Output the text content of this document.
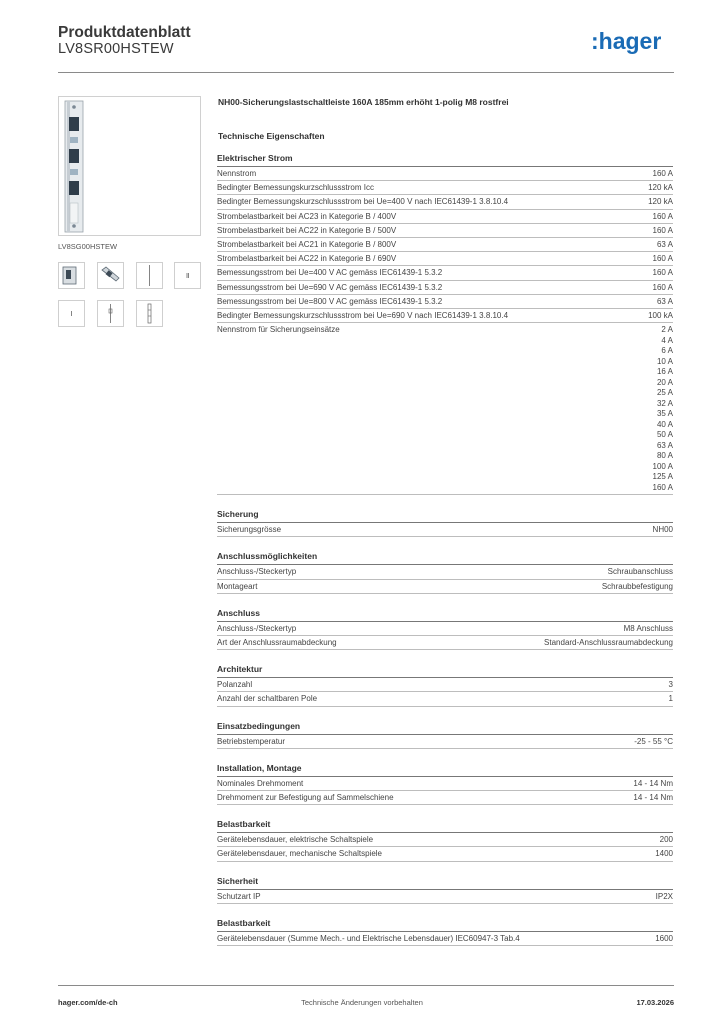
Produktdatenblatt
LV8SR00HSTEW	:hager
LV8SG00HSTEW
NH00-Sicherungslastschaltleiste 160A 185mm erhöht 1-polig M8 rostfrei
Technische Eigenschaften
Elektrischer Strom
Nennstrom	160 A
Bedingter Bemessungskurzschlussstrom Icc	120 kA
Bedingter Bemessungskurzschlussstrom bei Ue=400 V nach IEC61439-1 3.8.10.4	120 kA
Strombelastbarkeit bei AC23 in Kategorie B / 400V	160 A
Strombelastbarkeit bei AC22 in Kategorie B / 500V	160 A
Strombelastbarkeit bei AC21 in Kategorie B / 800V	63 A
Strombelastbarkeit bei AC22 in Kategorie B / 690V	160 A
Bemessungsstrom bei Ue=400 V AC gemäss IEC61439-1 5.3.2	160 A
Bemessungsstrom bei Ue=690 V AC gemäss IEC61439-1 5.3.2	160 A
Bemessungsstrom bei Ue=800 V AC gemäss IEC61439-1 5.3.2	63 A
Bedingter Bemessungskurzschlussstrom bei Ue=690 V nach IEC61439-1 3.8.10.4	100 kA
Nennstrom für Sicherungseinsätze	2 A
4 A
6 A
10 A
16 A
20 A
25 A
32 A
35 A
40 A
50 A
63 A
80 A
100 A
125 A
160 A
Sicherung
Sicherungsgrösse	NH00
Anschlussmöglichkeiten
Anschluss-/Steckertyp	Schraubanschluss
Montageart	Schraubbefestigung
Anschluss
Anschluss-/Steckertyp	M8 Anschluss
Art der Anschlussraumabdeckung	Standard-Anschlussraumabdeckung
Architektur
Polanzahl	3
Anzahl der schaltbaren Pole	1
Einsatzbedingungen
Betriebstemperatur	-25 - 55 °C
Installation, Montage
Nominales Drehmoment	14 - 14 Nm
Drehmoment zur Befestigung auf Sammelschiene	14 - 14 Nm
Belastbarkeit
Gerätelebensdauer, elektrische Schaltspiele	200
Gerätelebensdauer, mechanische Schaltspiele	1400
Sicherheit
Schutzart IP	IP2X
Belastbarkeit
Gerätelebensdauer (Summe Mech.- und Elektrische Lebensdauer) IEC60947-3 Tab.4	1600
hager.com/de-ch	Technische Änderungen vorbehalten	17.03.2026
